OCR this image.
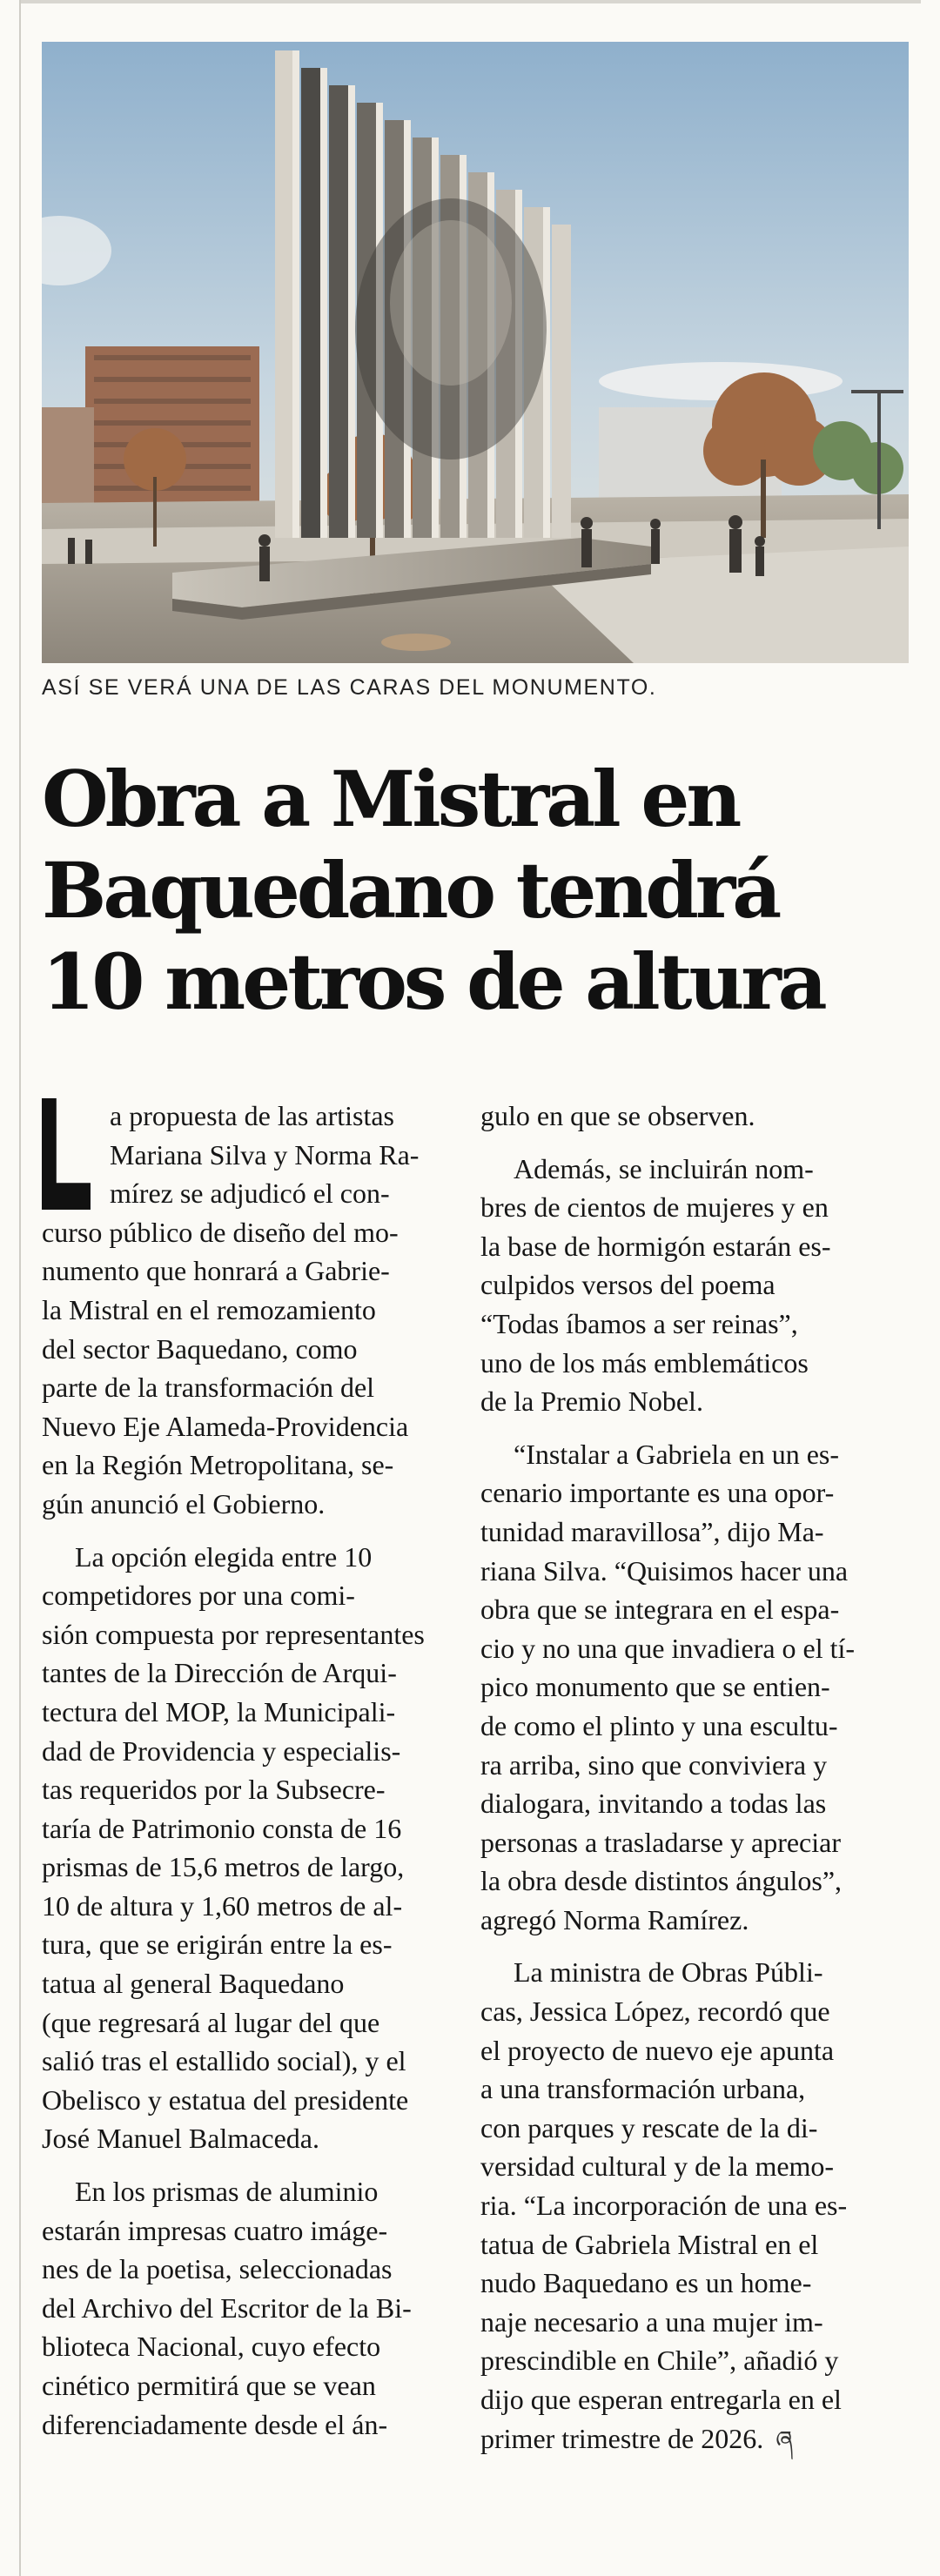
ASÍ SE VERÁ UNA DE LAS CARAS DEL MONUMENTO.
Obra a Mistral en
Baquedano tendrá
10 metros de altura

a propuesta de las artistas
Mariana Silva y Norma Ra-
mírez se adjudicó el con-
curso público de diseño del mo-
numento que honrará a Gabrie-
la Mistral en el remozamiento
del sector Baquedano, como
parte de la transformación del
Nuevo Eje Alameda-Providencia
en la Región Metropolitana, se-
gún anunció el Gobierno.

La opción elegida entre 10
competidores por una comi-
sión compuesta por representantes
tantes de la Dirección de Arqui-
tectura del MOP, la Municipali-
dad de Providencia y especialis-
tas requeridos por la Subsecre-
taría de Patrimonio consta de 16
prismas de 15,6 metros de largo,
10 de altura y 1,60 metros de al-
tura, que se erigirán entre la es-
tatua al general Baquedano
(que regresará al lugar del que
salió tras el estallido social), y el
Obelisco y estatua del presidente
José Manuel Balmaceda.

En los prismas de aluminio
estarán impresas cuatro imáge-
nes de la poetisa, seleccionadas
del Archivo del Escritor de la Bi-
blioteca Nacional, cuyo efecto
cinético permitirá que se vean
diferenciadamente desde el án-

gulo en que se observen.

Además, se incluirán nom-
bres de cientos de mujeres y en
la base de hormigón estarán es-
culpidos versos del poema
“Todas íbamos a ser reinas”,
uno de los más emblemáticos
de la Premio Nobel.

“Instalar a Gabriela en un es-
cenario importante es una opor-
tunidad maravillosa”, dijo Ma-
riana Silva. “Quisimos hacer una
obra que se integrara en el espa-
cio y no una que invadiera o el tí-
pico monumento que se entien-
de como el plinto y una escultu-
ra arriba, sino que conviviera y
dialogara, invitando a todas las
personas a trasladarse y apreciar
la obra desde distintos ángulos”,
agregó Norma Ramírez.

La ministra de Obras Públi-
cas, Jessica López, recordó que
el proyecto de nuevo eje apunta
a una transformación urbana,
con parques y rescate de la di-
versidad cultural y de la memo-
ria. “La incorporación de una es-
tatua de Gabriela Mistral en el
nudo Baquedano es un home-
naje necesario a una mujer im-
prescindible en Chile”, añadió y
dijo que esperan entregarla en el
primer trimestre de 2026. ཞ
